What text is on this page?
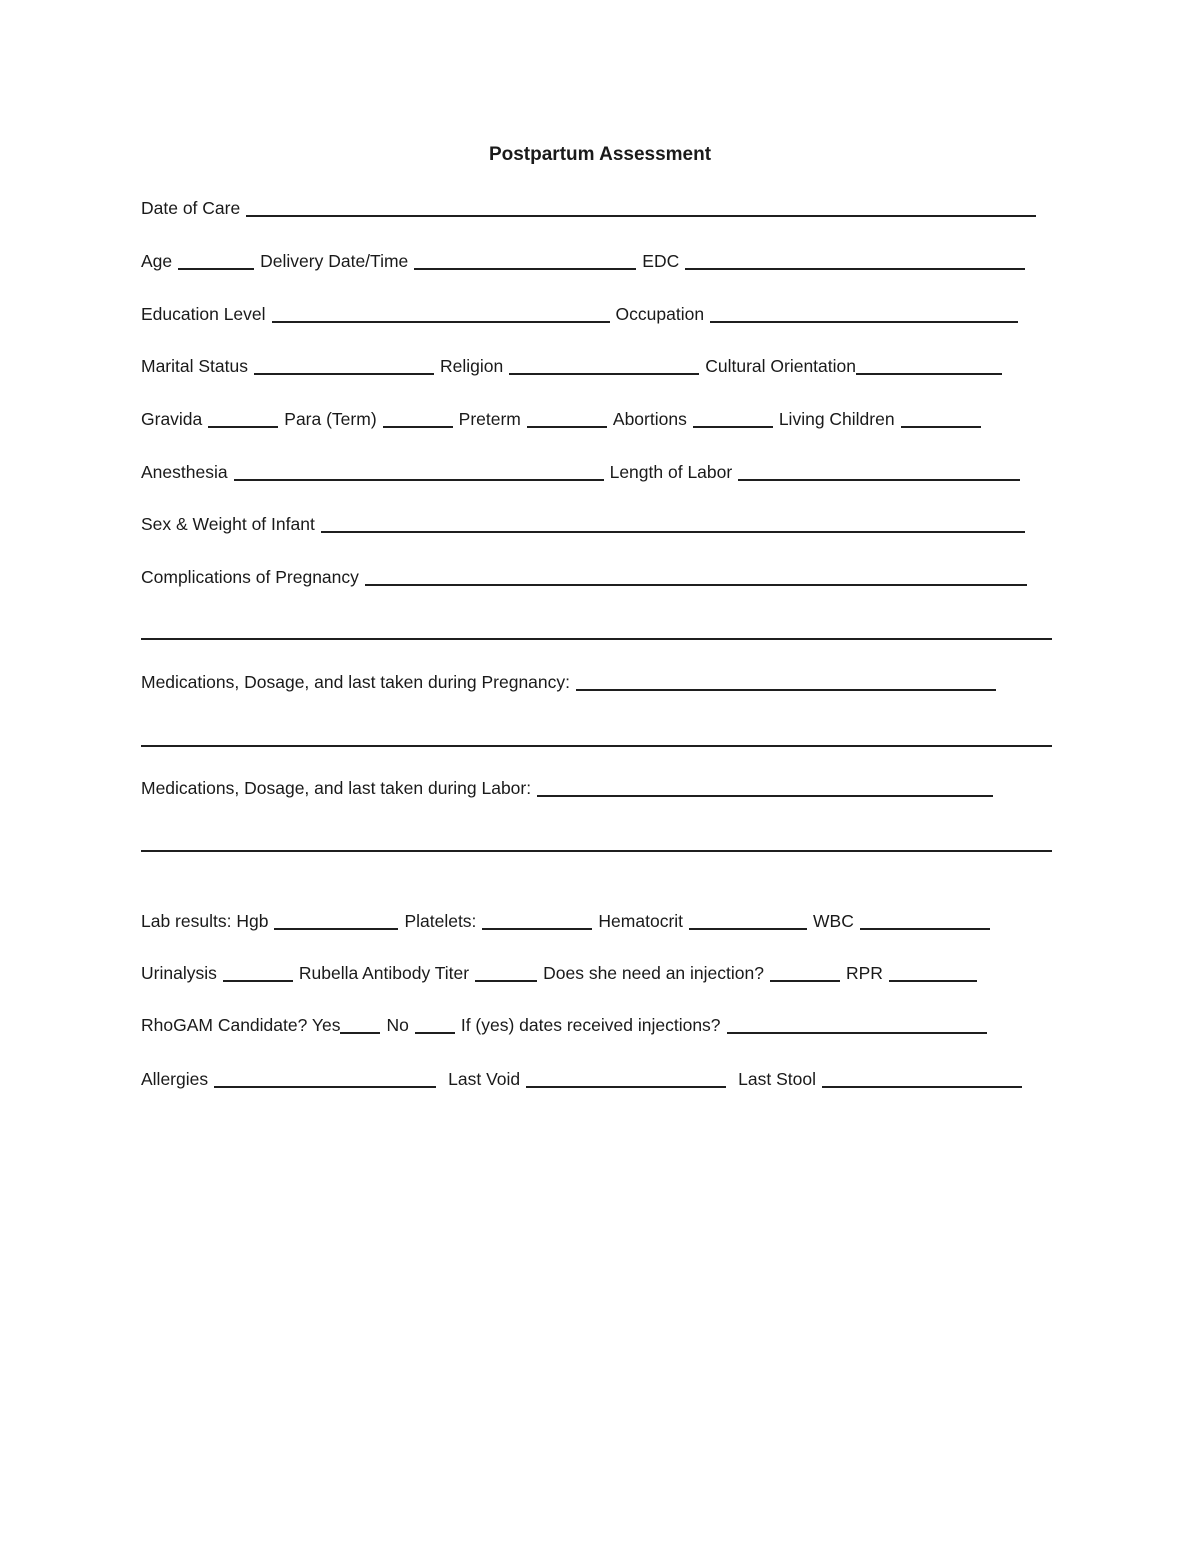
Postpartum Assessment
Date of Care
Age	Delivery Date/Time	EDC
Education Level	Occupation
Marital Status	Religion	Cultural Orientation
Gravida	Para (Term)	Preterm	Abortions	Living Children
Anesthesia	Length of Labor
Sex & Weight of Infant
Complications of Pregnancy
Medications, Dosage, and last taken during Pregnancy:
Medications, Dosage, and last taken during Labor:
Lab results: Hgb	Platelets:	Hematocrit	WBC
Urinalysis	Rubella Antibody Titer	Does she need an injection?	RPR
RhoGAM Candidate? Yes	No	If (yes) dates received injections?
Allergies	Last Void	Last Stool
